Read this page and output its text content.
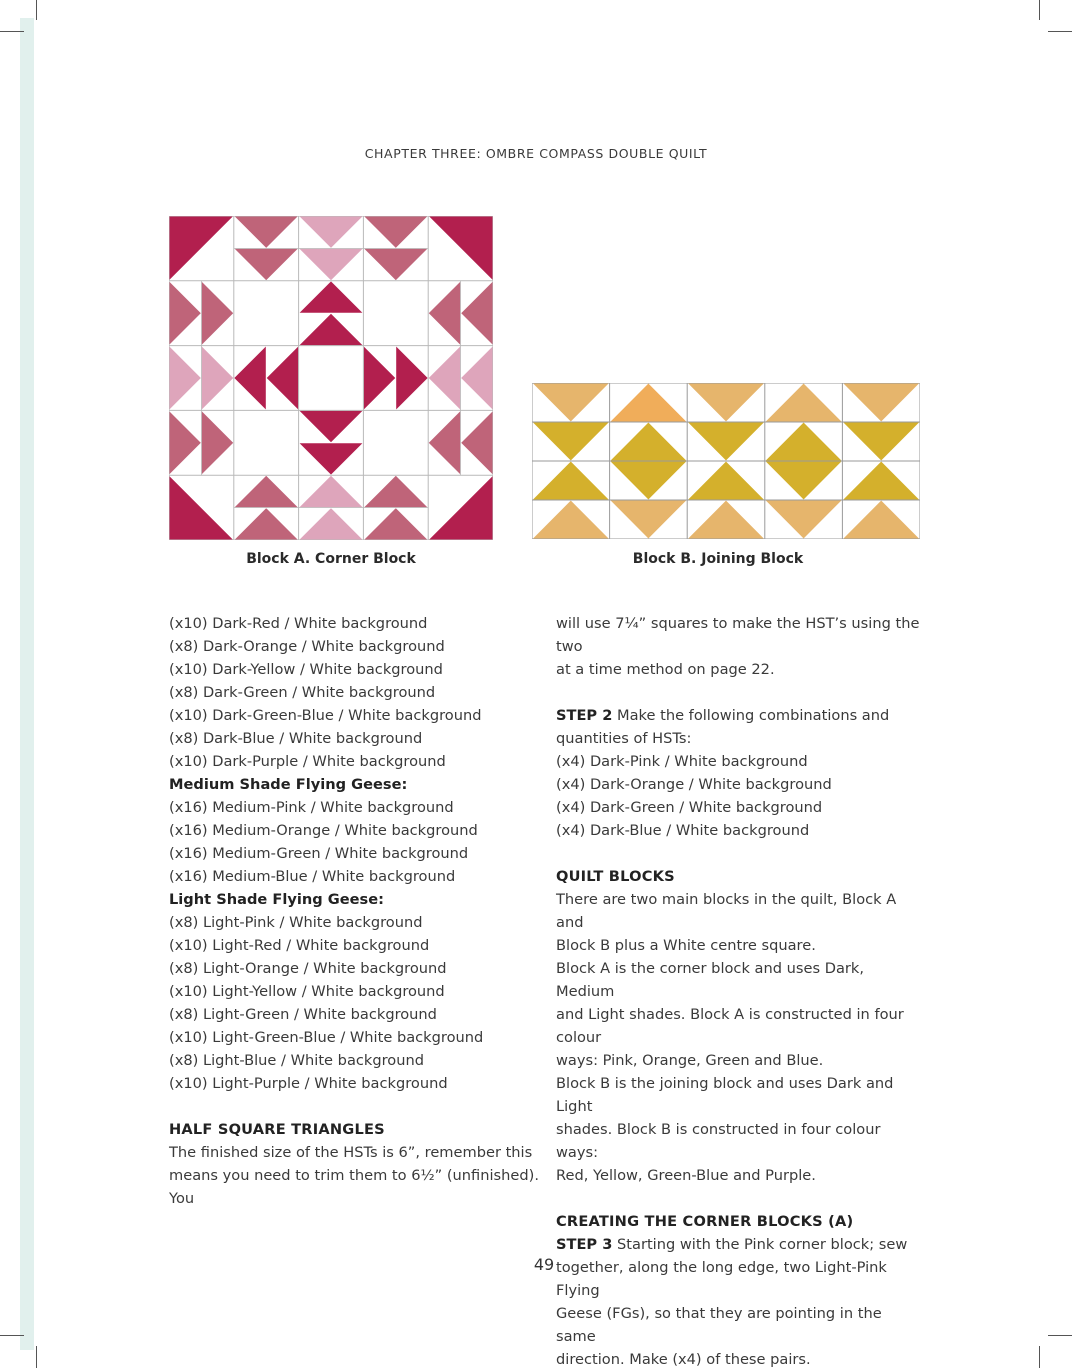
CHAPTER THREE: OMBRE COMPASS DOUBLE QUILT
Block A. Corner Block	Block B. Joining Block

(x10) Dark-Red / White background

(x8) Dark-Orange / White background

(x10) Dark-Yellow / White background

(x8) Dark-Green / White background

(x10) Dark-Green-Blue / White background

(x8) Dark-Blue / White background

(x10) Dark-Purple / White background

Medium Shade Flying Geese:

(x16) Medium-Pink / White background

(x16) Medium-Orange / White background

(x16) Medium-Green / White background

(x16) Medium-Blue / White background

Light Shade Flying Geese:

(x8) Light-Pink / White background

(x10) Light-Red / White background

(x8) Light-Orange / White background

(x10) Light-Yellow / White background

(x8) Light-Green / White background

(x10) Light-Green-Blue / White background

(x8) Light-Blue / White background

(x10) Light-Purple / White background

HALF SQUARE TRIANGLES

The finished size of the HSTs is 6”, remember this

means you need to trim them to 6½” (unfinished). You

will use 7¼” squares to make the HST’s using the two

at a time method on page 22.

STEP 2 Make the following combinations and

quantities of HSTs:

(x4) Dark-Pink / White background

(x4) Dark-Orange / White background

(x4) Dark-Green / White background

(x4) Dark-Blue / White background

QUILT BLOCKS

There are two main blocks in the quilt, Block A and

Block B plus a White centre square.

Block A is the corner block and uses Dark, Medium

and Light shades. Block A is constructed in four colour

ways: Pink, Orange, Green and Blue.

Block B is the joining block and uses Dark and Light

shades. Block B is constructed in four colour ways:

Red, Yellow, Green-Blue and Purple.

CREATING THE CORNER BLOCKS (A)

STEP 3 Starting with the Pink corner block; sew

together, along the long edge, two Light-Pink Flying

Geese (FGs), so that they are pointing in the same

direction. Make (x4) of these pairs.

49
